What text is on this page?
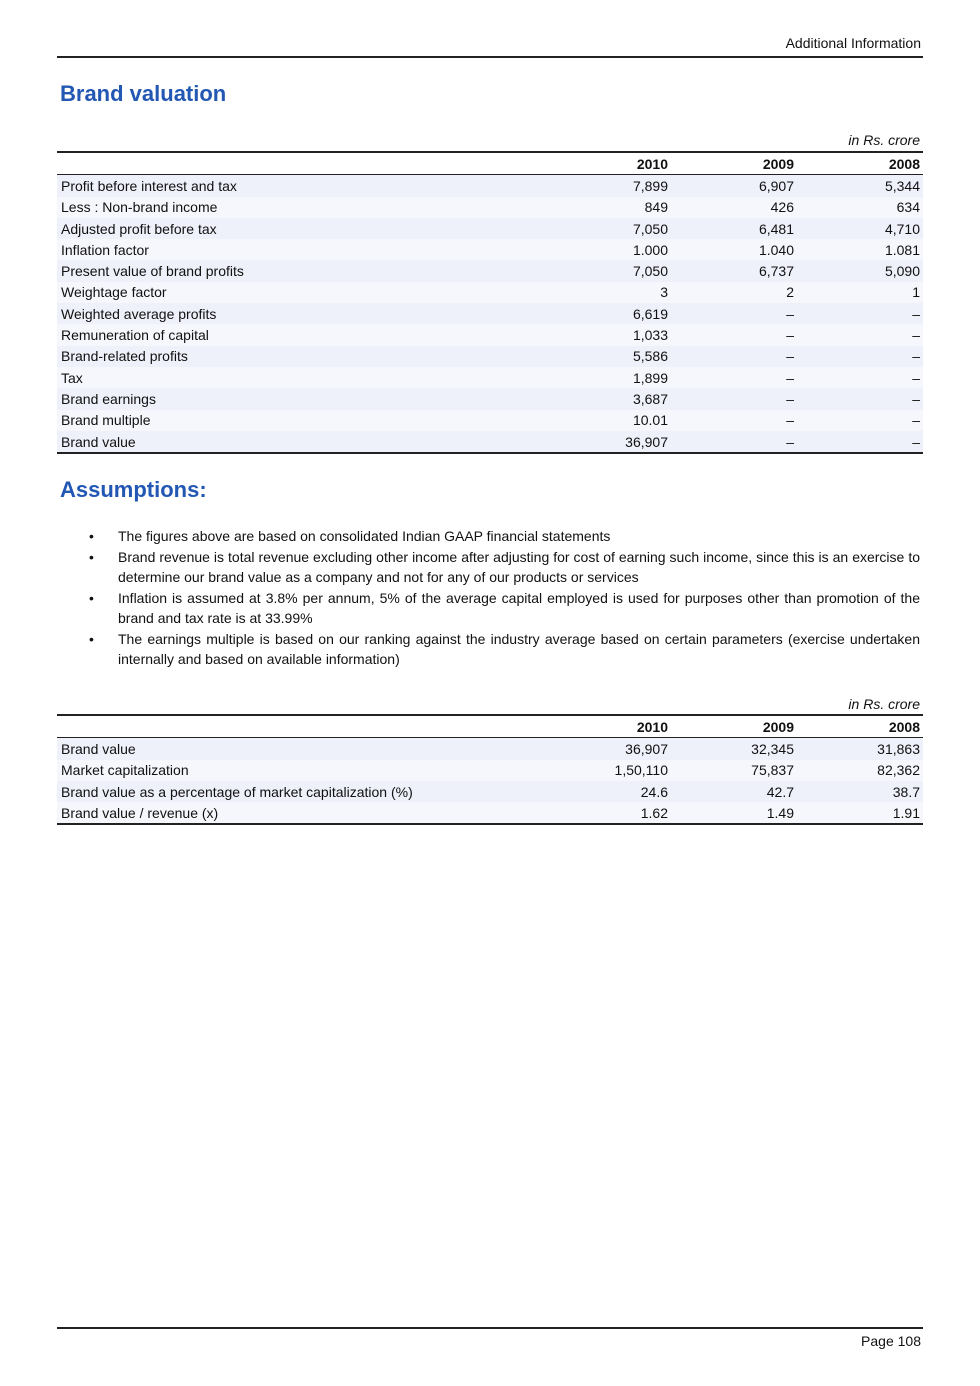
Additional Information
Brand valuation
in Rs. crore
	2010	2009	2008
Profit before interest and tax	7,899	6,907	5,344
Less : Non-brand income	849	426	634
Adjusted profit before tax	7,050	6,481	4,710
Inflation factor	1.000	1.040	1.081
Present value of brand profits	7,050	6,737	5,090
Weightage factor	3	2	1
Weighted average profits	6,619	–	–
Remuneration of capital	1,033	–	–
Brand-related profits	5,586	–	–
Tax	1,899	–	–
Brand earnings	3,687	–	–
Brand multiple	10.01	–	–
Brand value	36,907	–	–
Assumptions:
• The figures above are based on consolidated Indian GAAP financial statements
• Brand revenue is total revenue excluding other income after adjusting for cost of earning such income, since this is an exercise to determine our brand value as a company and not for any of our products or services
• Inflation is assumed at 3.8% per annum, 5% of the average capital employed is used for purposes other than promotion of the brand and tax rate is at 33.99%
• The earnings multiple is based on our ranking against the industry average based on certain parameters (exercise undertaken internally and based on available information)
in Rs. crore
	2010	2009	2008
Brand value	36,907	32,345	31,863
Market capitalization	1,50,110	75,837	82,362
Brand value as a percentage of market capitalization (%)	24.6	42.7	38.7
Brand value / revenue (x)	1.62	1.49	1.91
Page 108
